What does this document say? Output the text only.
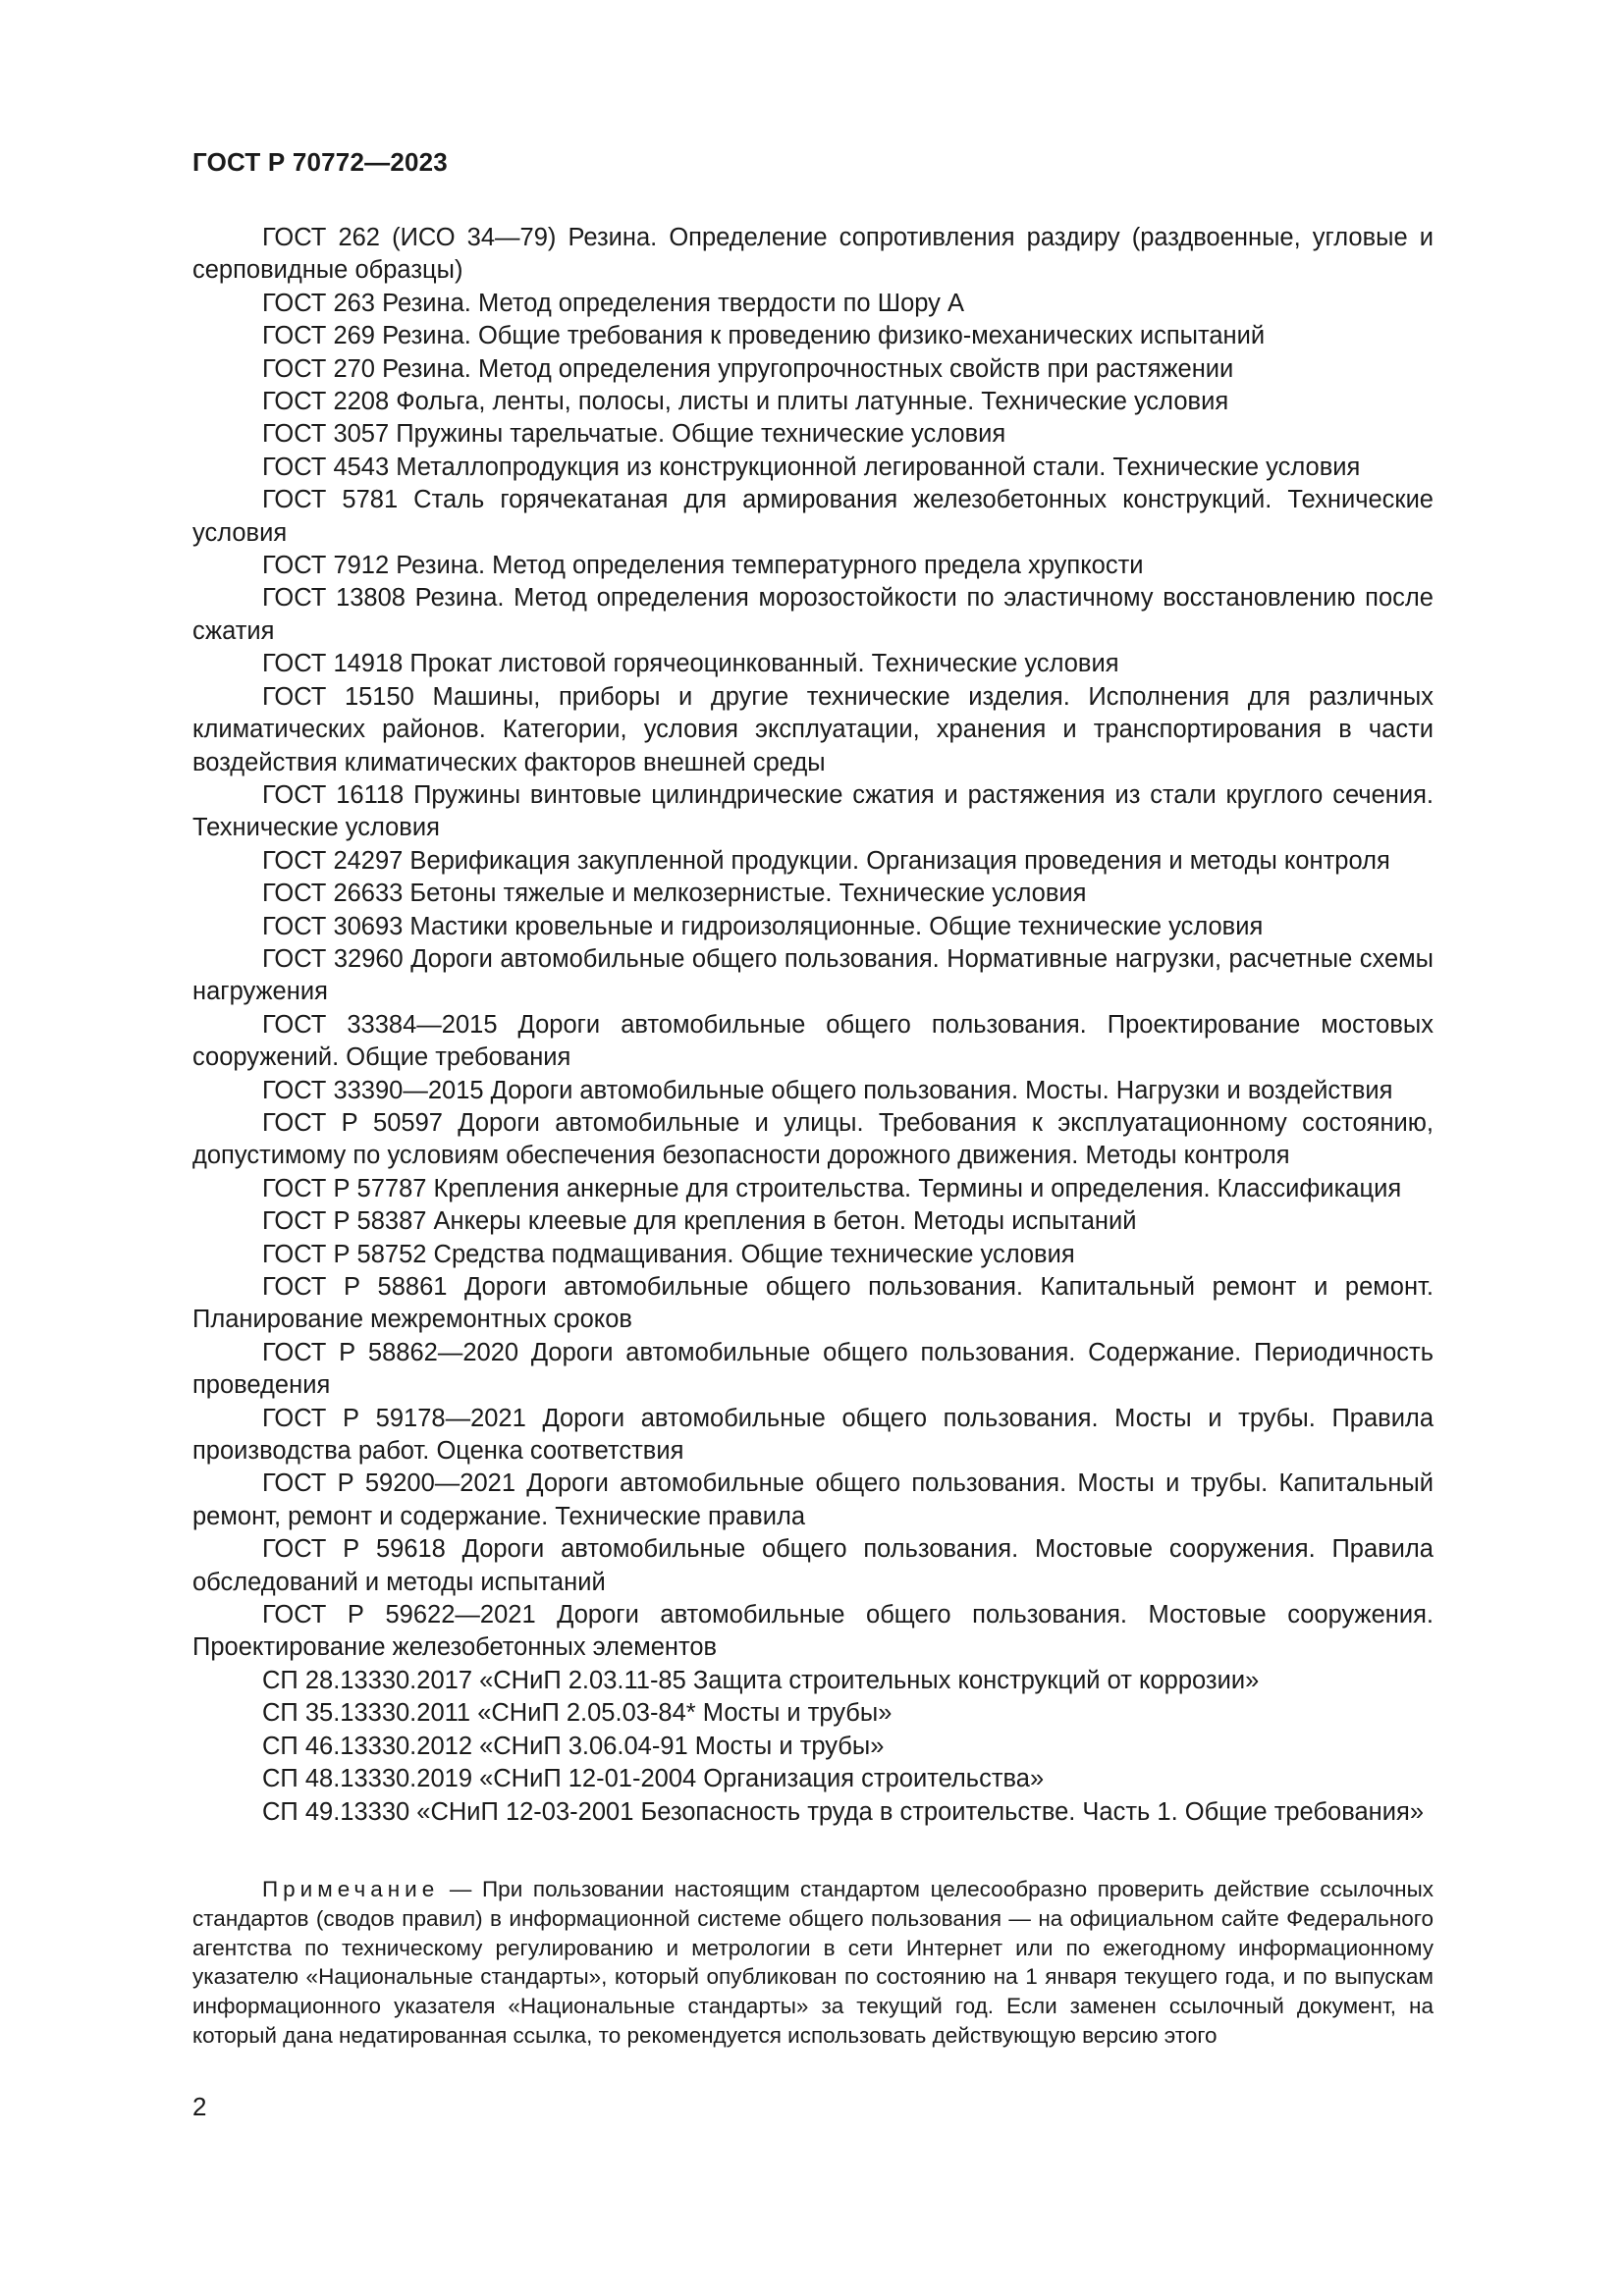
ГОСТ Р 70772—2023
ГОСТ 262 (ИСО 34—79) Резина. Определение сопротивления раздиру (раздвоенные, угловые и серповидные образцы)
ГОСТ 263 Резина. Метод определения твердости по Шору А
ГОСТ 269 Резина. Общие требования к проведению физико-механических испытаний
ГОСТ 270 Резина. Метод определения упругопрочностных свойств при растяжении
ГОСТ 2208 Фольга, ленты, полосы, листы и плиты латунные. Технические условия
ГОСТ 3057 Пружины тарельчатые. Общие технические условия
ГОСТ 4543 Металлопродукция из конструкционной легированной стали. Технические условия
ГОСТ 5781 Сталь горячекатаная для армирования железобетонных конструкций. Технические условия
ГОСТ 7912 Резина. Метод определения температурного предела хрупкости
ГОСТ 13808 Резина. Метод определения морозостойкости по эластичному восстановлению после сжатия
ГОСТ 14918 Прокат листовой горячеоцинкованный. Технические условия
ГОСТ 15150 Машины, приборы и другие технические изделия. Исполнения для различных климатических районов. Категории, условия эксплуатации, хранения и транспортирования в части воздействия климатических факторов внешней среды
ГОСТ 16118 Пружины винтовые цилиндрические сжатия и растяжения из стали круглого сечения. Технические условия
ГОСТ 24297 Верификация закупленной продукции. Организация проведения и методы контроля
ГОСТ 26633 Бетоны тяжелые и мелкозернистые. Технические условия
ГОСТ 30693 Мастики кровельные и гидроизоляционные. Общие технические условия
ГОСТ 32960 Дороги автомобильные общего пользования. Нормативные нагрузки, расчетные схемы нагружения
ГОСТ 33384—2015 Дороги автомобильные общего пользования. Проектирование мостовых сооружений. Общие требования
ГОСТ 33390—2015 Дороги автомобильные общего пользования. Мосты. Нагрузки и воздействия
ГОСТ Р 50597 Дороги автомобильные и улицы. Требования к эксплуатационному состоянию, допустимому по условиям обеспечения безопасности дорожного движения. Методы контроля
ГОСТ Р 57787 Крепления анкерные для строительства. Термины и определения. Классификация
ГОСТ Р 58387 Анкеры клеевые для крепления в бетон. Методы испытаний
ГОСТ Р 58752 Средства подмащивания. Общие технические условия
ГОСТ Р 58861 Дороги автомобильные общего пользования. Капитальный ремонт и ремонт. Планирование межремонтных сроков
ГОСТ Р 58862—2020 Дороги автомобильные общего пользования. Содержание. Периодичность проведения
ГОСТ Р 59178—2021 Дороги автомобильные общего пользования. Мосты и трубы. Правила производства работ. Оценка соответствия
ГОСТ Р 59200—2021 Дороги автомобильные общего пользования. Мосты и трубы. Капитальный ремонт, ремонт и содержание. Технические правила
ГОСТ Р 59618 Дороги автомобильные общего пользования. Мостовые сооружения. Правила обследований и методы испытаний
ГОСТ Р 59622—2021 Дороги автомобильные общего пользования. Мостовые сооружения. Проектирование железобетонных элементов
СП 28.13330.2017 «СНиП 2.03.11-85 Защита строительных конструкций от коррозии»
СП 35.13330.2011 «СНиП 2.05.03-84* Мосты и трубы»
СП 46.13330.2012 «СНиП 3.06.04-91 Мосты и трубы»
СП 48.13330.2019 «СНиП 12-01-2004 Организация строительства»
СП 49.13330 «СНиП 12-03-2001 Безопасность труда в строительстве. Часть 1. Общие требования»

Примечание — При пользовании настоящим стандартом целесообразно проверить действие ссылочных стандартов (сводов правил) в информационной системе общего пользования — на официальном сайте Федерального агентства по техническому регулированию и метрологии в сети Интернет или по ежегодному информационному указателю «Национальные стандарты», который опубликован по состоянию на 1 января текущего года, и по выпускам информационного указателя «Национальные стандарты» за текущий год. Если заменен ссылочный документ, на который дана недатированная ссылка, то рекомендуется использовать действующую версию этого

2
